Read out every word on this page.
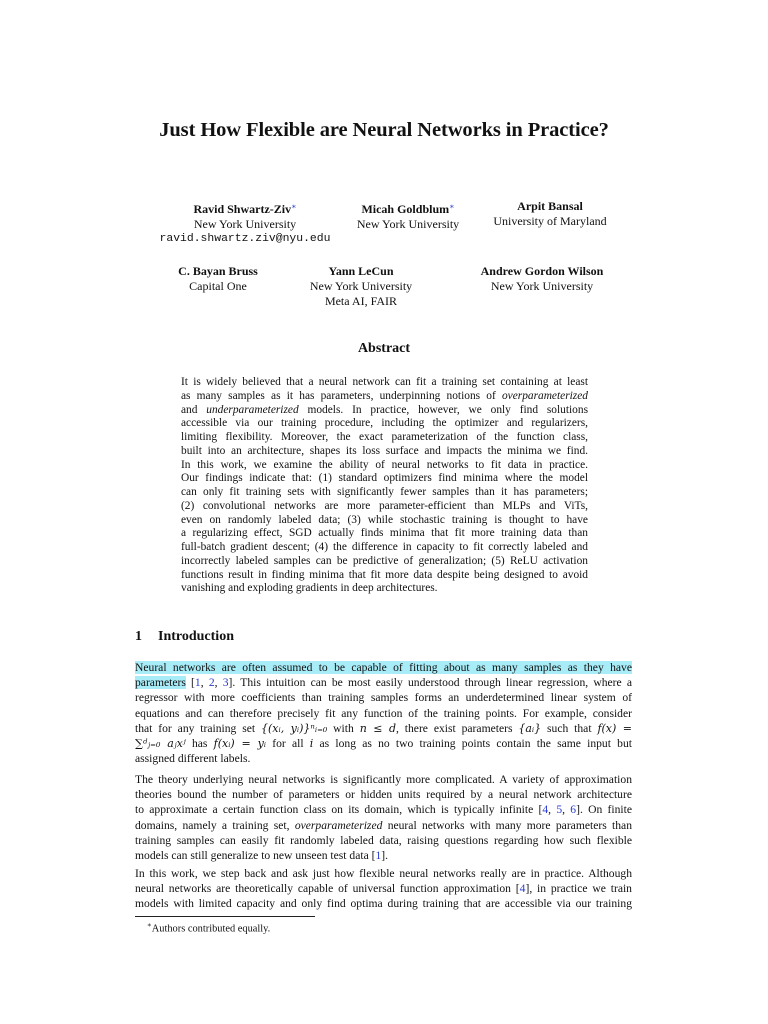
Just How Flexible are Neural Networks in Practice?
Ravid Shwartz-Ziv∗
New York University
ravid.shwartz.ziv@nyu.edu
Micah Goldblum∗
New York University
Arpit Bansal
University of Maryland
C. Bayan Bruss
Capital One
Yann LeCun
New York University
Meta AI, FAIR
Andrew Gordon Wilson
New York University
Abstract
It is widely believed that a neural network can fit a training set containing at least
as many samples as it has parameters, underpinning notions of overparameterized
and underparameterized models. In practice, however, we only find solutions
accessible via our training procedure, including the optimizer and regularizers,
limiting flexibility. Moreover, the exact parameterization of the function class,
built into an architecture, shapes its loss surface and impacts the minima we find.
In this work, we examine the ability of neural networks to fit data in practice.
Our findings indicate that: (1) standard optimizers find minima where the model
can only fit training sets with significantly fewer samples than it has parameters;
(2) convolutional networks are more parameter-efficient than MLPs and ViTs,
even on randomly labeled data; (3) while stochastic training is thought to have
a regularizing effect, SGD actually finds minima that fit more training data than
full-batch gradient descent; (4) the difference in capacity to fit correctly labeled and
incorrectly labeled samples can be predictive of generalization; (5) ReLU activation
functions result in finding minima that fit more data despite being designed to avoid
vanishing and exploding gradients in deep architectures.
1 Introduction
Neural networks are often assumed to be capable of fitting about as many samples as they have
parameters [1, 2, 3]. This intuition can be most easily understood through linear regression, where a
regressor with more coefficients than training samples forms an underdetermined linear system of
equations and can therefore precisely fit any function of the training points. For example, consider
that for any training set {(xᵢ, yᵢ)}ⁿᵢ₌₀ with n ≤ d, there exist parameters {aᵢ} such that f(x) =
∑ᵈⱼ₌₀ aⱼxʲ has f(xᵢ) = yᵢ for all i as long as no two training points contain the same input but
assigned different labels.
The theory underlying neural networks is significantly more complicated. A variety of approximation
theories bound the number of parameters or hidden units required by a neural network architecture
to approximate a certain function class on its domain, which is typically infinite [4, 5, 6]. On finite
domains, namely a training set, overparameterized neural networks with many more parameters than
training samples can easily fit randomly labeled data, raising questions regarding how such flexible
models can still generalize to new unseen test data [1].
In this work, we step back and ask just how flexible neural networks really are in practice. Although
neural networks are theoretically capable of universal function approximation [4], in practice we train
models with limited capacity and only find optima during training that are accessible via our training
∗Authors contributed equally.
